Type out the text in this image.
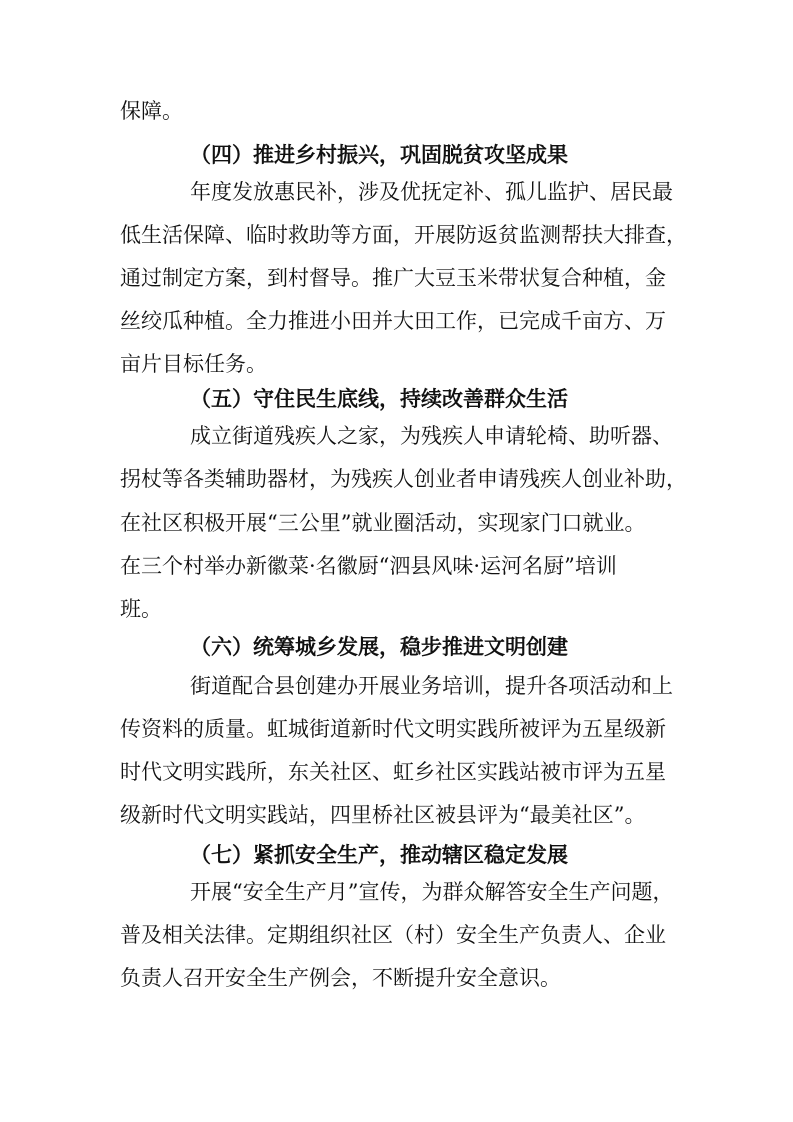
保障。
（四）推进乡村振兴，巩固脱贫攻坚成果
年度发放惠民补，涉及优抚定补、孤儿监护、居民最
低生活保障、临时救助等方面，开展防返贫监测帮扶大排查，
通过制定方案，到村督导。推广大豆玉米带状复合种植，金
丝绞瓜种植。全力推进小田并大田工作，已完成千亩方、万
亩片目标任务。
（五）守住民生底线，持续改善群众生活
成立街道残疾人之家，为残疾人申请轮椅、助听器、
拐杖等各类辅助器材，为残疾人创业者申请残疾人创业补助，
在社区积极开展“三公里”就业圈活动，实现家门口就业。
在三个村举办新徽菜·名徽厨“泗县风味·运河名厨”培训
班。
（六）统筹城乡发展，稳步推进文明创建
街道配合县创建办开展业务培训，提升各项活动和上
传资料的质量。虹城街道新时代文明实践所被评为五星级新
时代文明实践所，东关社区、虹乡社区实践站被市评为五星
级新时代文明实践站，四里桥社区被县评为“最美社区”。
（七）紧抓安全生产，推动辖区稳定发展
开展“安全生产月”宣传，为群众解答安全生产问题，
普及相关法律。定期组织社区（村）安全生产负责人、企业
负责人召开安全生产例会，不断提升安全意识。
